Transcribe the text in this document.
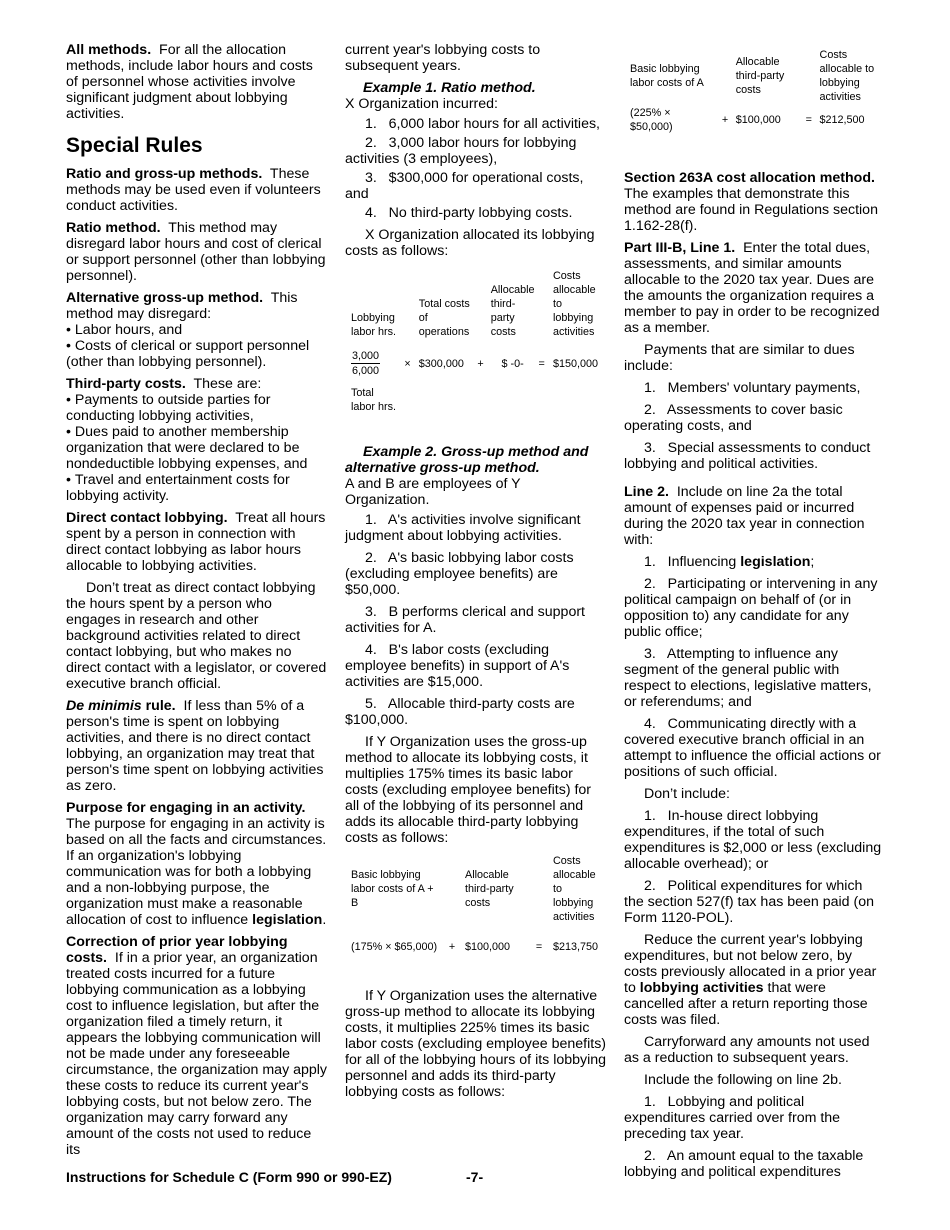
All methods. For all the allocation methods, include labor hours and costs of personnel whose activities involve significant judgment about lobbying activities.

Special Rules

Ratio and gross-up methods. These methods may be used even if volunteers conduct activities.

Ratio method. This method may disregard labor hours and cost of clerical or support personnel (other than lobbying personnel).

Alternative gross-up method. This method may disregard:

• Labor hours, and

• Costs of clerical or support personnel (other than lobbying personnel).

Third-party costs. These are:

• Payments to outside parties for conducting lobbying activities,
• Dues paid to another membership organization that were declared to be nondeductible lobbying expenses, and

• Travel and entertainment costs for lobbying activity.

Direct contact lobbying. Treat all hours spent by a person in connection with direct contact lobbying as labor hours allocable to lobbying activities.

Don’t treat as direct contact lobbying the hours spent by a person who engages in research and other background activities related to direct contact lobbying, but who makes no direct contact with a legislator, or covered executive branch official.

De minimis rule. If less than 5% of a person's time is spent on lobbying activities, and there is no direct contact lobbying, an organization may treat that person's time spent on lobbying activities as zero.

Purpose for engaging in an activity. The purpose for engaging in an activity is based on all the facts and circumstances. If an organization's lobbying communication was for both a lobbying and a non-lobbying purpose, the organization must make a reasonable allocation of cost to influence legislation.

Correction of prior year lobbying costs. If in a prior year, an organization treated costs incurred for a future lobbying communication as a lobbying cost to influence legislation, but after the organization filed a timely return, it appears the lobbying communication will not be made under any foreseeable circumstance, the organization may apply these costs to reduce its current year's lobbying costs, but not below zero. The organization may carry forward any amount of the costs not used to reduce its

current year's lobbying costs to subsequent years.

Example 1. Ratio method.

X Organization incurred:

1.   6,000 labor hours for all activities,

2.   3,000 labor hours for lobbying activities (3 employees),

3.   $300,000 for operational costs, and

4.   No third-party lobbying costs.

X Organization allocated its lobbying costs as follows:

Lobbying labor hrs.		Total costs of operations		Allocable third-party costs		Costs allocable to lobbying activities

$\frac{3,000}{6,000}$	×	$300,000	+	$ -0-	=	$150,000

Total labor hrs.						
Example 2. Gross-up method and alternative gross-up method.

A and B are employees of Y Organization.

1.   A's activities involve significant judgment about lobbying activities.

2.   A's basic lobbying labor costs (excluding employee benefits) are $50,000.

3.   B performs clerical and support activities for A.

4.   B's labor costs (excluding employee benefits) in support of A's activities are $15,000.

5.   Allocable third-party costs are $100,000.

If Y Organization uses the gross-up method to allocate its lobbying costs, it multiplies 175% times its basic labor costs (excluding employee benefits) for all of the lobbying of its personnel and adds its allocable third-party lobbying costs as follows:

Basic lobbying labor costs of A + B		Allocable third-party costs		Costs allocable to lobbying activities

(175% × $65,000)	+	$100,000	=	$213,750

If Y Organization uses the alternative gross-up method to allocate its lobbying costs, it multiplies 225% times its basic labor costs (excluding employee benefits) for all of the lobbying hours of its lobbying personnel and adds its third-party lobbying costs as follows:

Basic lobbying labor costs of A		Allocable third-party costs		Costs allocable to lobbying activities

(225% × $50,000)	+	$100,000	=	$212,500

Section 263A cost allocation method. The examples that demonstrate this method are found in Regulations section 1.162-28(f).

Part III-B, Line 1. Enter the total dues, assessments, and similar amounts allocable to the 2020 tax year. Dues are the amounts the organization requires a member to pay in order to be recognized as a member.

Payments that are similar to dues include:

1.   Members' voluntary payments,

2.   Assessments to cover basic operating costs, and

3.   Special assessments to conduct lobbying and political activities.

Line 2. Include on line 2a the total amount of expenses paid or incurred during the 2020 tax year in connection with:

1.   Influencing legislation;

2.   Participating or intervening in any political campaign on behalf of (or in opposition to) any candidate for any public office;

3.   Attempting to influence any segment of the general public with respect to elections, legislative matters, or referendums; and

4.   Communicating directly with a covered executive branch official in an attempt to influence the official actions or positions of such official.

Don’t include:

1.   In-house direct lobbying expenditures, if the total of such expenditures is $2,000 or less (excluding allocable overhead); or

2.   Political expenditures for which the section 527(f) tax has been paid (on Form 1120-POL).

Reduce the current year's lobbying expenditures, but not below zero, by costs previously allocated in a prior year to lobbying activities that were cancelled after a return reporting those costs was filed.

Carryforward any amounts not used as a reduction to subsequent years.

Include the following on line 2b.

1.   Lobbying and political expenditures carried over from the preceding tax year.

2.   An amount equal to the taxable lobbying and political expenditures

Instructions for Schedule C (Form 990 or 990-EZ)	-7-
